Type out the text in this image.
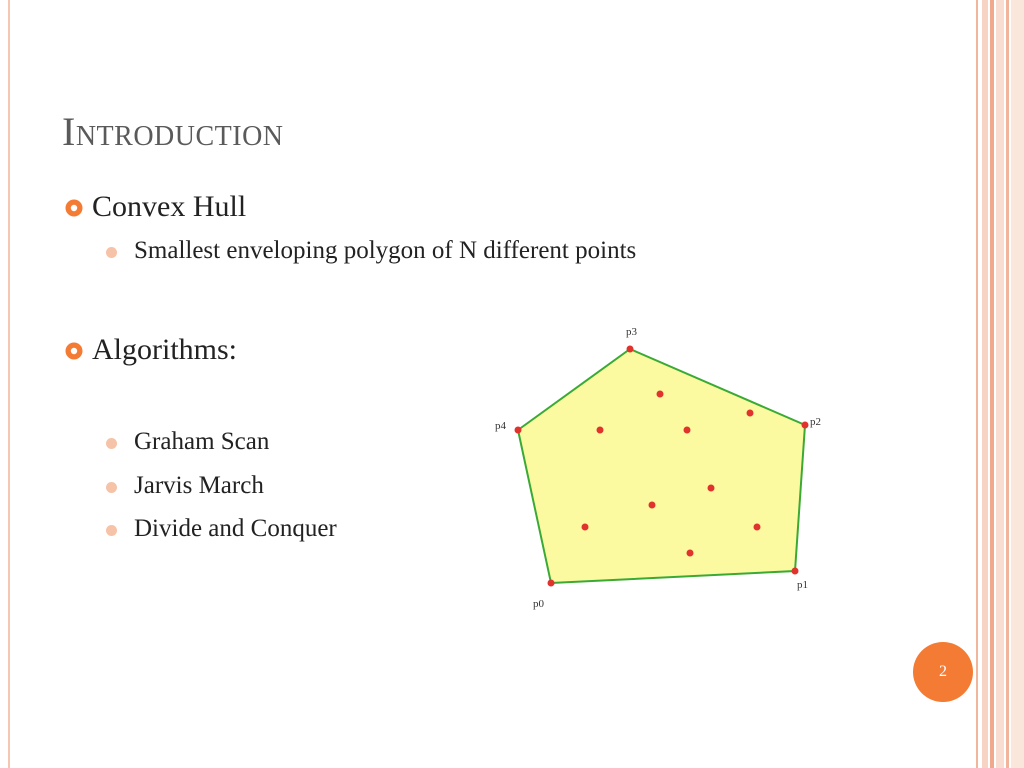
Introduction
Convex Hull
Smallest enveloping polygon of N different points
Algorithms:
Graham Scan
Jarvis March
Divide and Conquer
p0
p1
p2
p3
p4
2
